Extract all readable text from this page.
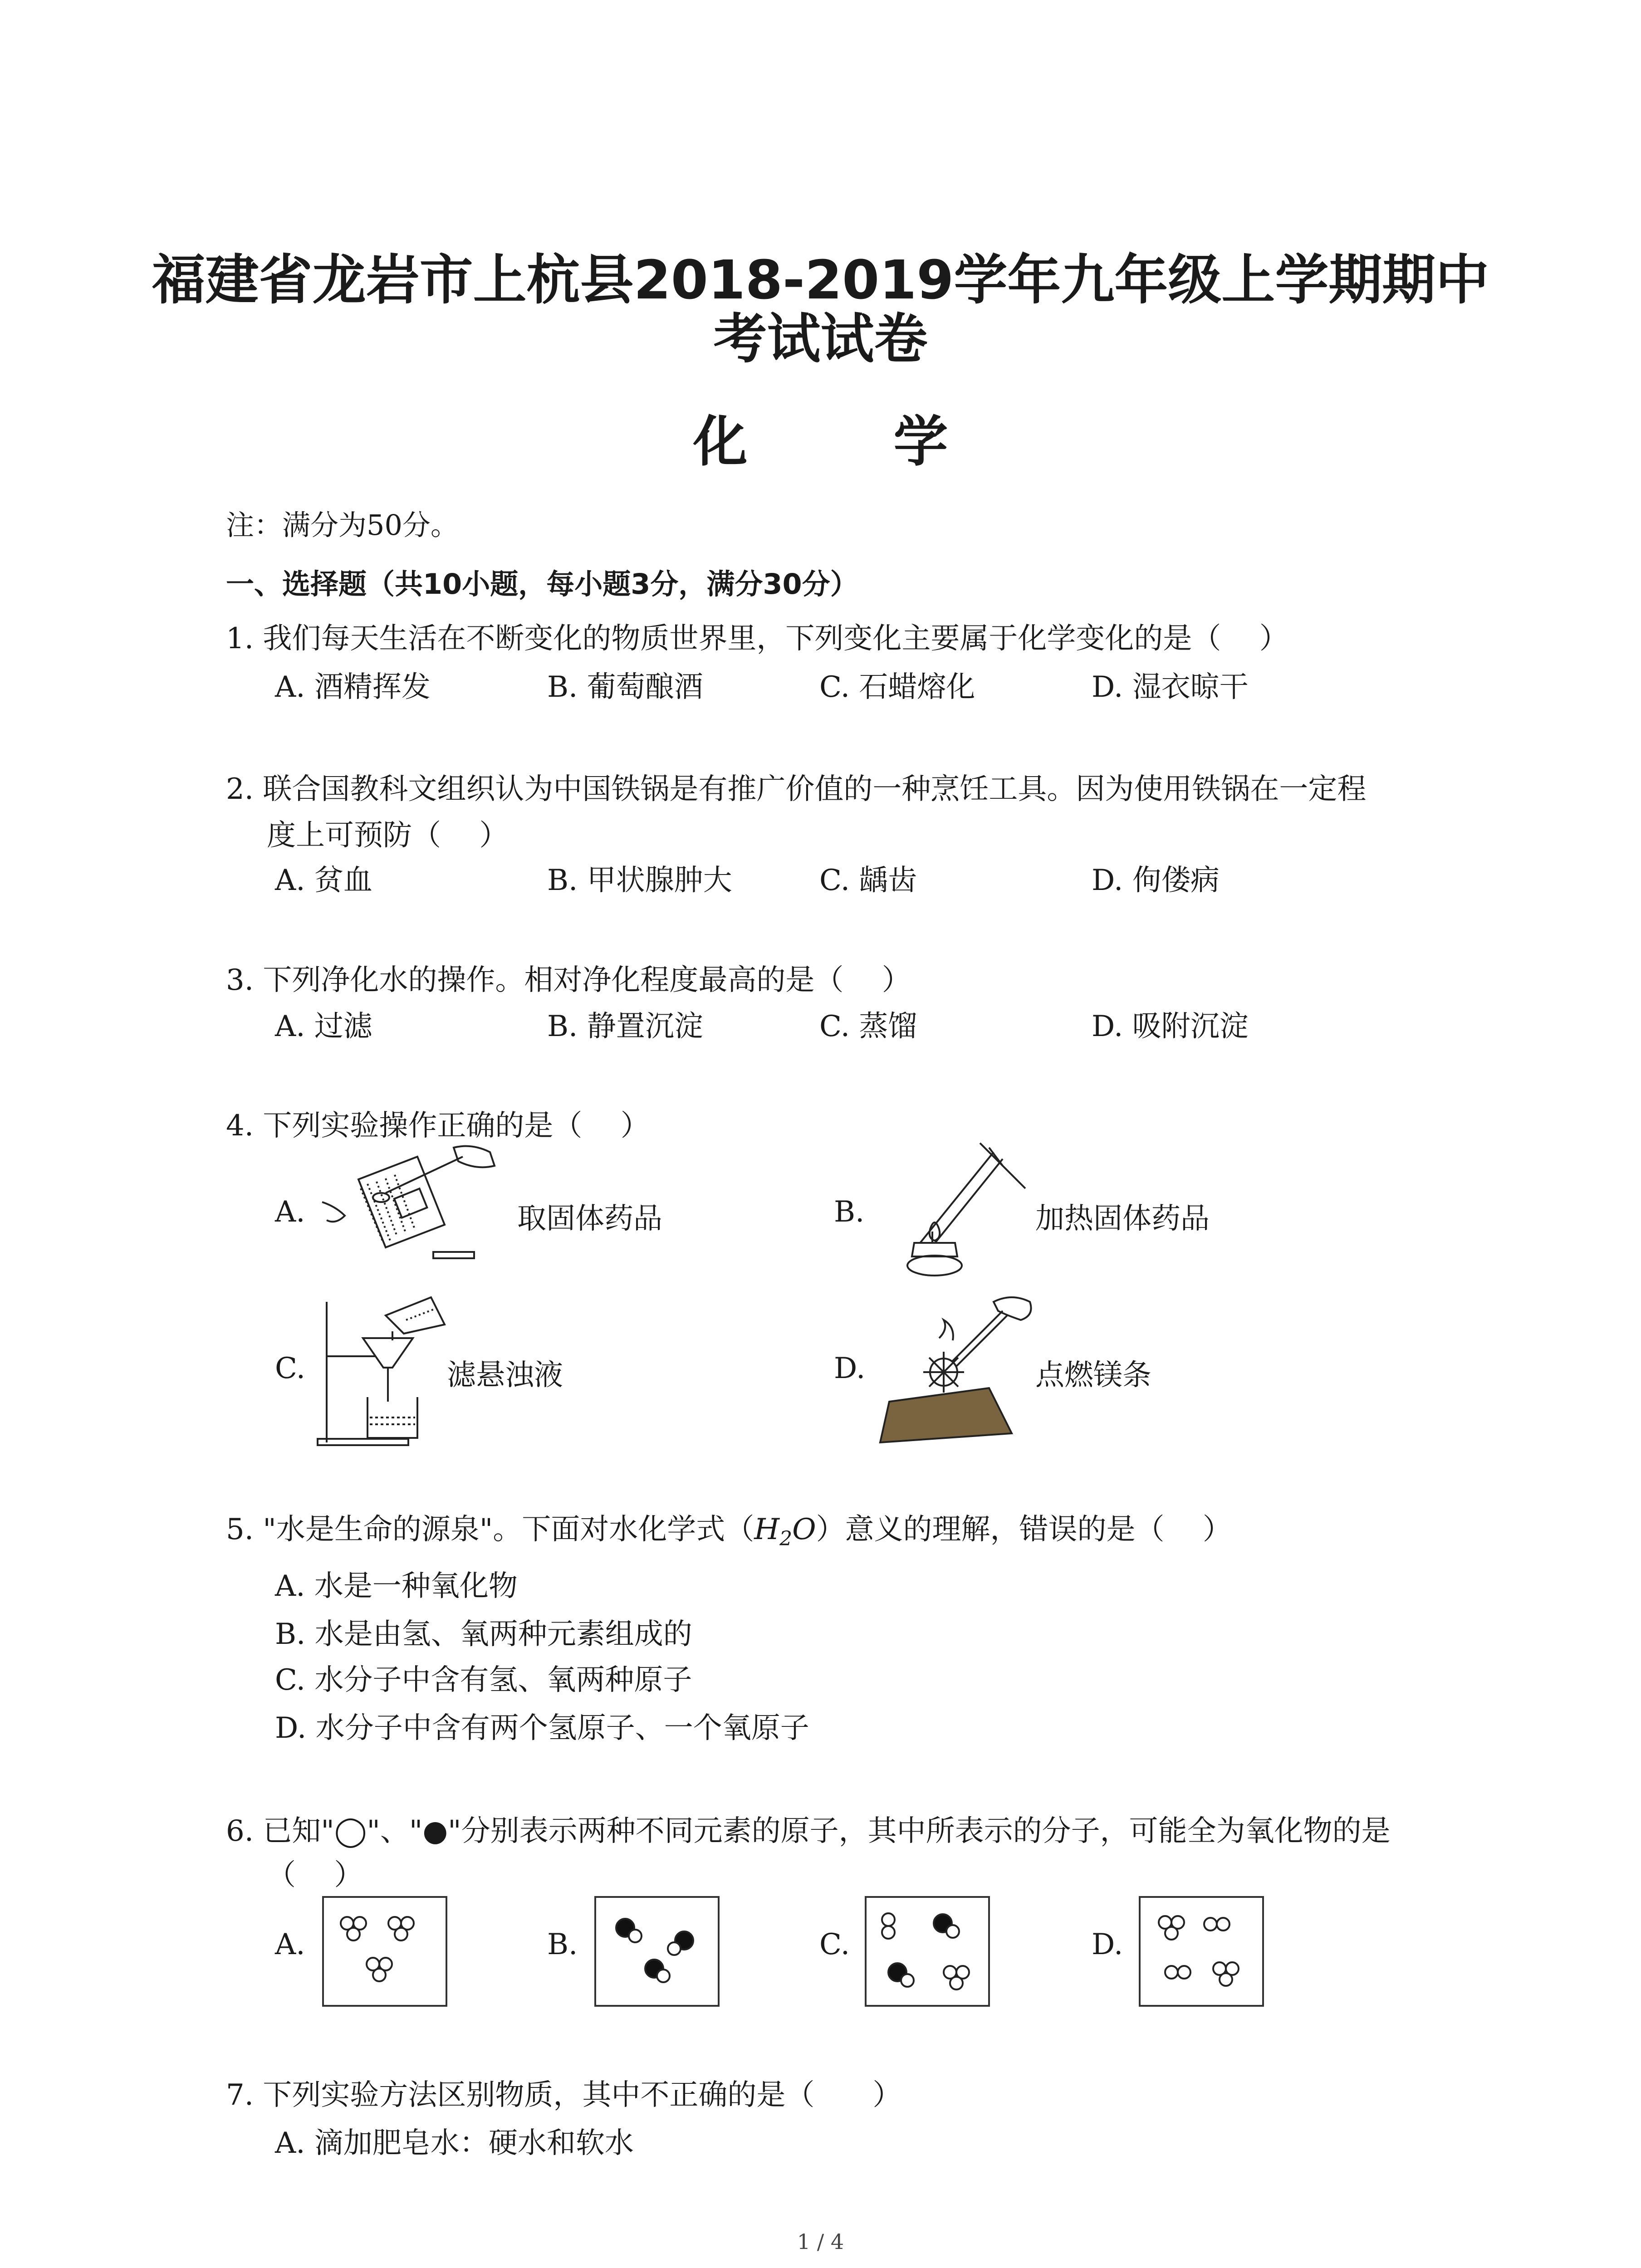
福建省龙岩市上杭县2018-2019学年九年级上学期期中
考试试卷
化 学
注：满分为50分。
一、选择题（共10小题，每小题3分，满分30分）
1. 我们每天生活在不断变化的物质世界里，下列变化主要属于化学变化的是（　 ）
A. 酒精挥发	B. 葡萄酿酒	C. 石蜡熔化	D. 湿衣晾干
2. 联合国教科文组织认为中国铁锅是有推广价值的一种烹饪工具。因为使用铁锅在一定程
度上可预防（　 ）
A. 贫血	B. 甲状腺肿大	C. 龋齿	D. 佝偻病
3. 下列净化水的操作。相对净化程度最高的是（　 ）
A. 过滤	B. 静置沉淀	C. 蒸馏	D. 吸附沉淀
4. 下列实验操作正确的是（　 ）
A.	取固体药品	B.	加热固体药品
C.	滤悬浊液	D.	点燃镁条
5. "水是生命的源泉"。下面对水化学式$(H_2O)$意义的理解，错误的是（　 ）
A. 水是一种氧化物
B. 水是由氢、氧两种元素组成的
C. 水分子中含有氢、氧两种原子
D. 水分子中含有两个氢原子、一个氧原子
6. 已知"◯"、"●"分别表示两种不同元素的原子，其中所表示的分子，可能全为氧化物的是
（　 ）
A.	B.	C.	D.
7. 下列实验方法区别物质，其中不正确的是（　　）
A. 滴加肥皂水：硬水和软水
1 / 4
